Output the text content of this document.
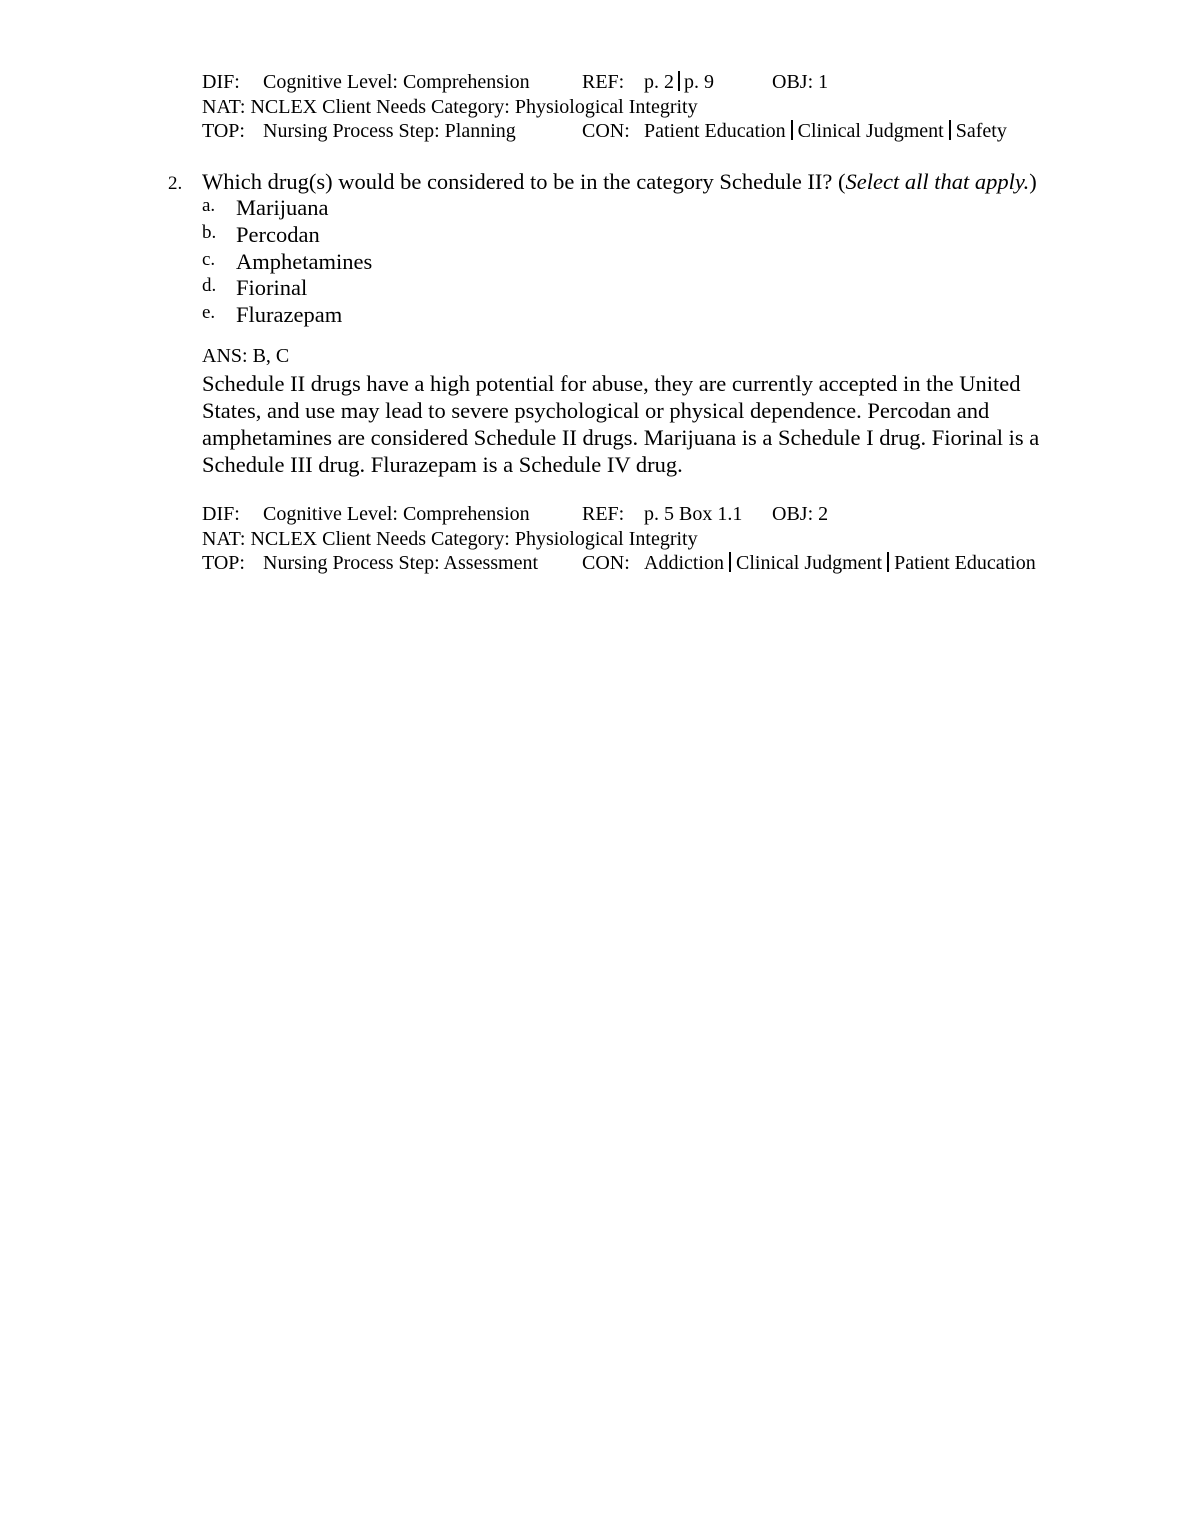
DIF: Cognitive Level: Comprehension	REF: p. 2 p. 9	OBJ: 1
NAT: NCLEX Client Needs Category: Physiological Integrity
TOP: Nursing Process Step: Planning	CON: Patient Education Clinical Judgment Safety
2. Which drug(s) would be considered to be in the category Schedule II? (Select all that apply.)
a. Marijuana
b. Percodan
c. Amphetamines
d. Fiorinal
e. Flurazepam
ANS: B, C
Schedule II drugs have a high potential for abuse, they are currently accepted in the United
States, and use may lead to severe psychological or physical dependence. Percodan and
amphetamines are considered Schedule II drugs. Marijuana is a Schedule I drug. Fiorinal is a
Schedule III drug. Flurazepam is a Schedule IV drug.
DIF: Cognitive Level: Comprehension	REF: p. 5 Box 1.1 OBJ: 2
NAT: NCLEX Client Needs Category: Physiological Integrity
TOP: Nursing Process Step: Assessment CON: Addiction Clinical Judgment Patient Education
